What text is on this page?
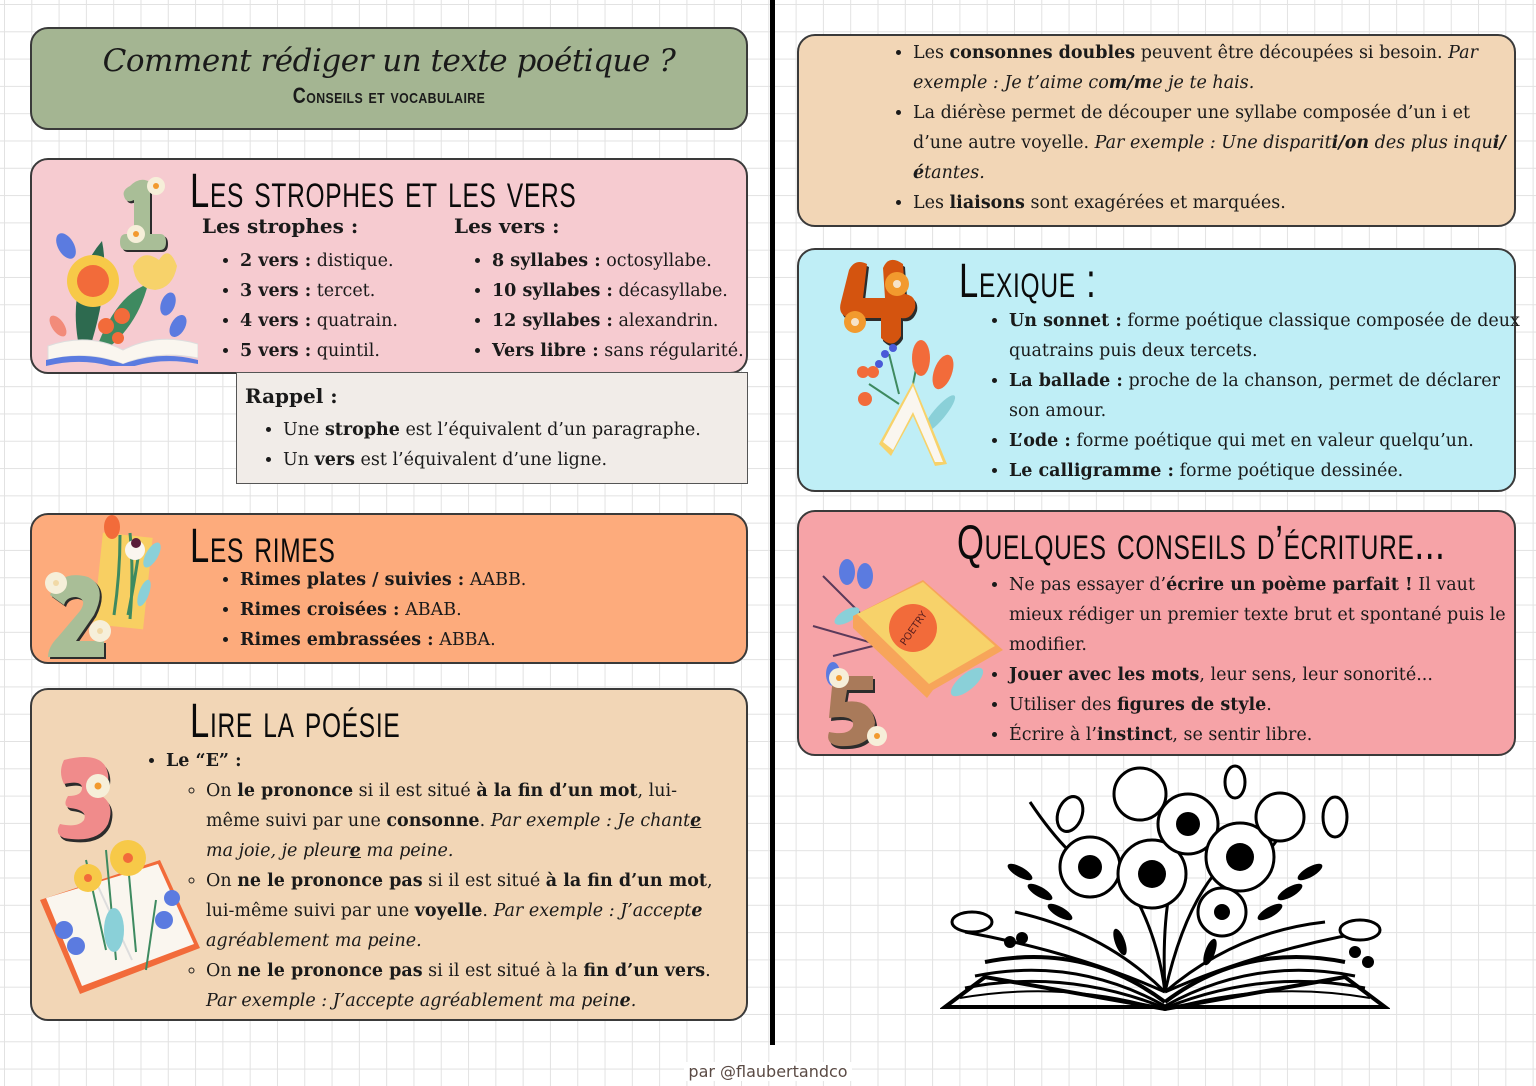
Comment rédiger un texte poétique ?
Conseils et vocabulaire
Les strophes et les vers
Les strophes :
• 2 vers : distique.
• 3 vers : tercet.
• 4 vers : quatrain.
• 5 vers : quintil.
Les vers :
• 8 syllabes : octosyllabe.
• 10 syllabes : décasyllabe.
• 12 syllabes : alexandrin.
• Vers libre : sans régularité.
Rappel :
• Une strophe est l’équivalent d’un paragraphe.
• Un vers est l’équivalent d’une ligne.
Les rimes
• Rimes plates / suivies : AABB.
• Rimes croisées : ABAB.
• Rimes embrassées : ABBA.
Lire la poésie
• Le “E” :
◦ On le prononce si il est situé à la fin d’un mot, lui-même suivi par une consonne. Par exemple : Je chante ma joie, je pleure ma peine.
◦ On ne le prononce pas si il est situé à la fin d’un mot, lui-même suivi par une voyelle. Par exemple : J’accepte agréablement ma peine.
◦ On ne le prononce pas si il est situé à la fin d’un vers. Par exemple : J’accepte agréablement ma peine.
• Les consonnes doubles peuvent être découpées si besoin. Par exemple : Je t’aime com/me je te hais.
• La diérèse permet de découper une syllabe composée d’un i et d’une autre voyelle. Par exemple : Une dispariti/on des plus inqui/étantes.
• Les liaisons sont exagérées et marquées.
Lexique :
• Un sonnet : forme poétique classique composée de deux quatrains puis deux tercets.
• La ballade : proche de la chanson, permet de déclarer son amour.
• L’ode : forme poétique qui met en valeur quelqu’un.
• Le calligramme : forme poétique dessinée.
POETRY
Quelques conseils d’écriture...
• Ne pas essayer d’écrire un poème parfait ! Il vaut mieux rédiger un premier texte brut et spontané puis le modifier.
• Jouer avec les mots, leur sens, leur sonorité...
• Utiliser des figures de style.
• Écrire à l’instinct, se sentir libre.
par @flaubertandco
